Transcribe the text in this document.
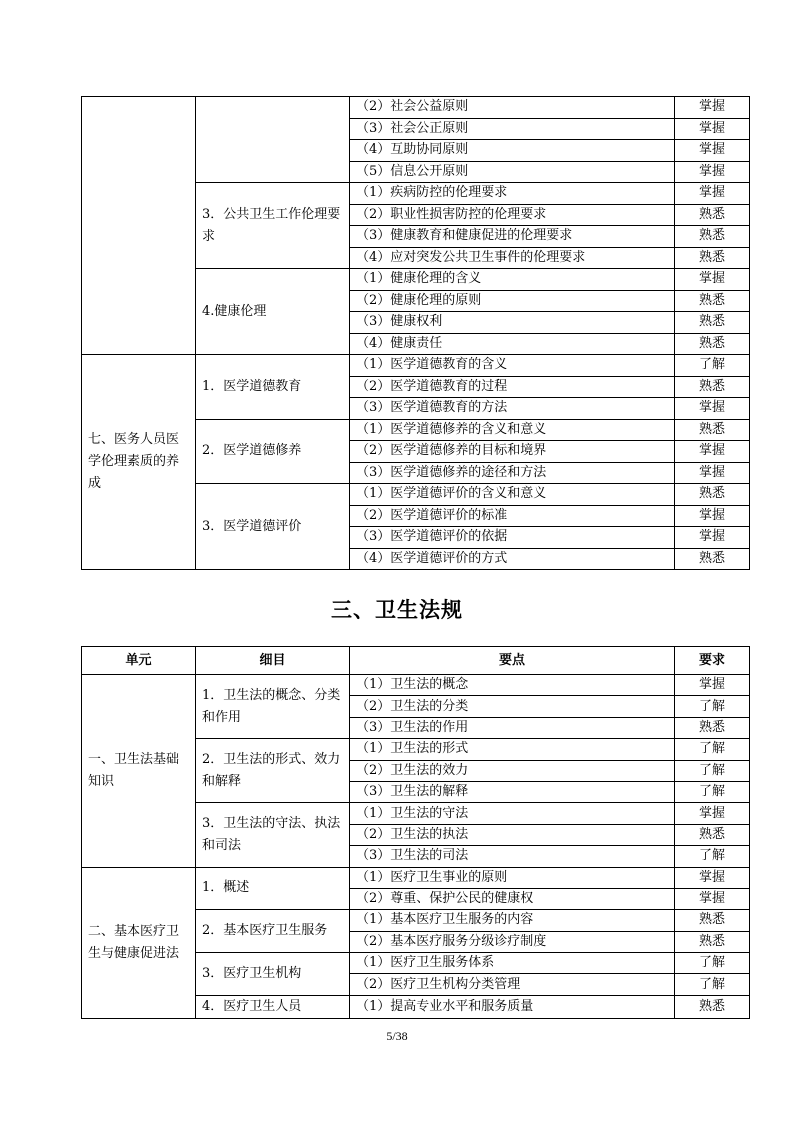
		（2）社会公益原则	掌握
		（3）社会公正原则	掌握
		（4）互助协同原则	掌握
		（5）信息公开原则	掌握
	3．公共卫生工作伦理要求	（1）疾病防控的伦理要求	掌握
		（2）职业性损害防控的伦理要求	熟悉
		（3）健康教育和健康促进的伦理要求	熟悉
		（4）应对突发公共卫生事件的伦理要求	熟悉
	4.健康伦理	（1）健康伦理的含义	掌握
		（2）健康伦理的原则	熟悉
		（3）健康权利	熟悉
		（4）健康责任	熟悉
七、医务人员医学伦理素质的养成	1．医学道德教育	（1）医学道德教育的含义	了解
		（2）医学道德教育的过程	熟悉
		（3）医学道德教育的方法	掌握
	2．医学道德修养	（1）医学道德修养的含义和意义	熟悉
		（2）医学道德修养的目标和境界	掌握
		（3）医学道德修养的途径和方法	掌握
	3．医学道德评价	（1）医学道德评价的含义和意义	熟悉
		（2）医学道德评价的标准	掌握
		（3）医学道德评价的依据	掌握
		（4）医学道德评价的方式	熟悉
三、卫生法规
单元	细目	要点	要求
一、卫生法基础知识	1．卫生法的概念、分类和作用	（1）卫生法的概念	掌握
		（2）卫生法的分类	了解
		（3）卫生法的作用	熟悉
	2．卫生法的形式、效力和解释	（1）卫生法的形式	了解
		（2）卫生法的效力	了解
		（3）卫生法的解释	了解
	3．卫生法的守法、执法和司法	（1）卫生法的守法	掌握
		（2）卫生法的执法	熟悉
		（3）卫生法的司法	了解
二、基本医疗卫生与健康促进法	1．概述	（1）医疗卫生事业的原则	掌握
		（2）尊重、保护公民的健康权	掌握
	2．基本医疗卫生服务	（1）基本医疗卫生服务的内容	熟悉
		（2）基本医疗服务分级诊疗制度	熟悉
	3．医疗卫生机构	（1）医疗卫生服务体系	了解
		（2）医疗卫生机构分类管理	了解
	4．医疗卫生人员	（1）提高专业水平和服务质量	熟悉
5/38
